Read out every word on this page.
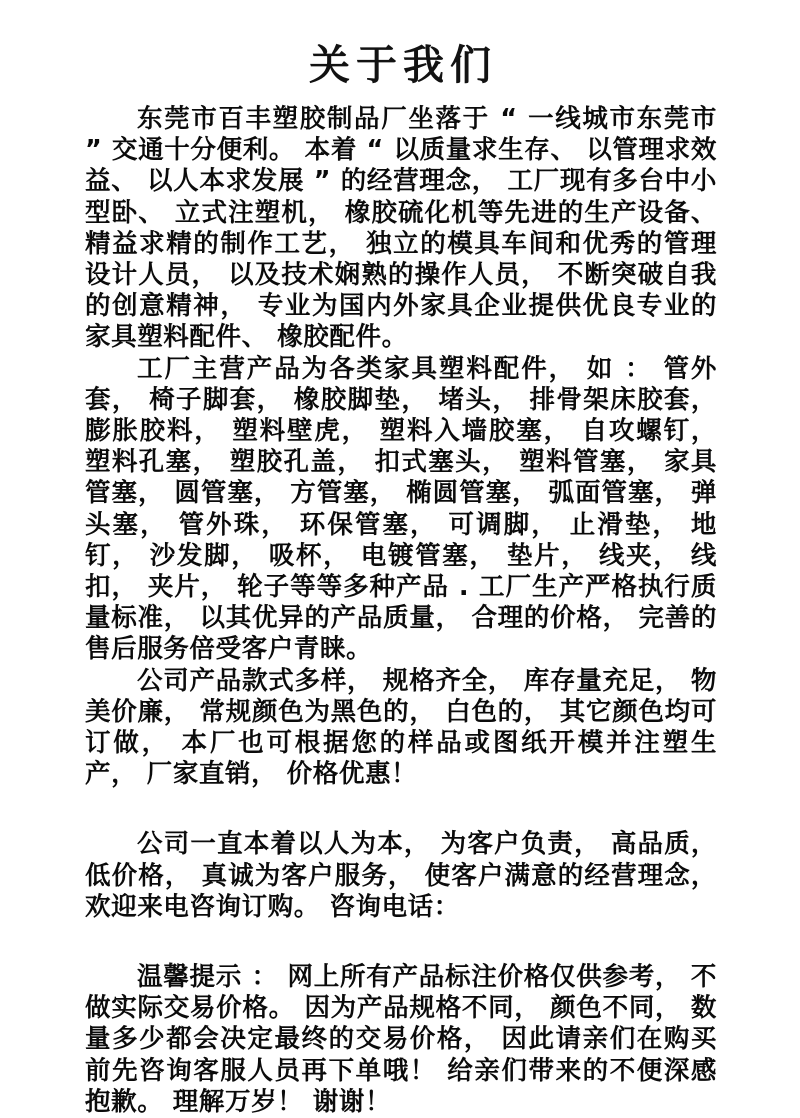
关于我们

东莞市百丰塑胶制品厂坐落于 “ 一线城市东莞市 ” 交通十分便利。 本着 “ 以质量求生存、 以管理求效益、 以人本求发展 ” 的经营理念， 工厂现有多台中小型卧、 立式注塑机， 橡胶硫化机等先进的生产设备、 精益求精的制作工艺， 独立的模具车间和优秀的管理设计人员， 以及技术娴熟的操作人员， 不断突破自我的创意精神， 专业为国内外家具企业提供优良专业的家具塑料配件、 橡胶配件。

工厂主营产品为各类家具塑料配件， 如 ： 管外套， 椅子脚套， 橡胶脚垫， 堵头， 排骨架床胶套， 膨胀胶料， 塑料壁虎， 塑料入墙胶塞， 自攻螺钉， 塑料孔塞， 塑胶孔盖， 扣式塞头， 塑料管塞， 家具管塞， 圆管塞， 方管塞， 椭圆管塞， 弧面管塞， 弹头塞， 管外珠， 环保管塞， 可调脚， 止滑垫， 地钉， 沙发脚， 吸杯， 电镀管塞， 垫片， 线夹， 线扣， 夹片， 轮子等等多种产品 . 工厂生产严格执行质量标准， 以其优异的产品质量， 合理的价格， 完善的售后服务倍受客户青睐。

公司产品款式多样， 规格齐全， 库存量充足， 物美价廉， 常规颜色为黑色的， 白色的， 其它颜色均可订做， 本厂也可根据您的样品或图纸开模并注塑生产， 厂家直销， 价格优惠！

公司一直本着以人为本， 为客户负责， 高品质， 低价格， 真诚为客户服务， 使客户满意的经营理念， 欢迎来电咨询订购。 咨询电话：

温馨提示 ： 网上所有产品标注价格仅供参考， 不做实际交易价格。 因为产品规格不同， 颜色不同， 数量多少都会决定最终的交易价格， 因此请亲们在购买前先咨询客服人员再下单哦！ 给亲们带来的不便深感抱歉。 理解万岁！ 谢谢！
